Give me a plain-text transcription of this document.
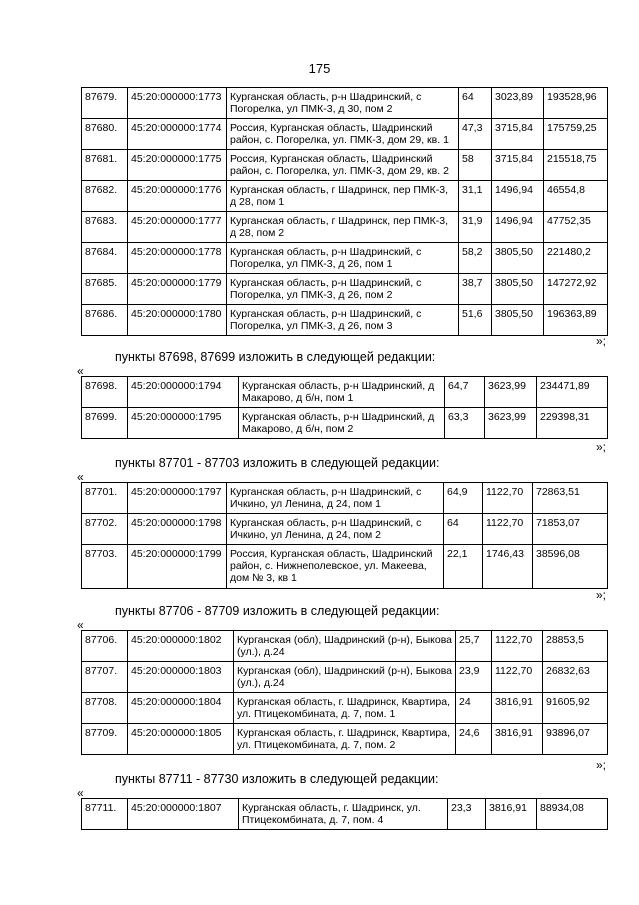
175
87679.	45:20:000000:1773	Курганская область, р-н Шадринский, с Погорелка, ул ПМК-3, д 30, пом 2	64	3023,89	193528,96
87680.	45:20:000000:1774	Россия, Курганская область, Шадринский район, с. Погорелка, ул. ПМК-3, дом 29, кв. 1	47,3	3715,84	175759,25
87681.	45:20:000000:1775	Россия, Курганская область, Шадринский район, с. Погорелка, ул. ПМК-3, дом 29, кв. 2	58	3715,84	215518,75
87682.	45:20:000000:1776	Курганская область, г Шадринск, пер ПМК-3, д 28, пом 1	31,1	1496,94	46554,8
87683.	45:20:000000:1777	Курганская область, г Шадринск, пер ПМК-3, д 28, пом 2	31,9	1496,94	47752,35
87684.	45:20:000000:1778	Курганская область, р-н Шадринский, с Погорелка, ул ПМК-3, д 26, пом 1	58,2	3805,50	221480,2
87685.	45:20:000000:1779	Курганская область, р-н Шадринский, с Погорелка, ул ПМК-3, д 26, пом 2	38,7	3805,50	147272,92
87686.	45:20:000000:1780	Курганская область, р-н Шадринский, с Погорелка, ул ПМК-3, д 26, пом 3	51,6	3805,50	196363,89
»;
пункты 87698, 87699 изложить в следующей редакции:
«
87698.	45:20:000000:1794	Курганская область, р-н Шадринский, д Макарово, д б/н, пом 1	64,7	3623,99	234471,89
87699.	45:20:000000:1795	Курганская область, р-н Шадринский, д Макарово, д б/н, пом 2	63,3	3623,99	229398,31
»;
пункты 87701 - 87703 изложить в следующей редакции:
«
87701.	45:20:000000:1797	Курганская область, р-н Шадринский, с Ичкино, ул Ленина, д 24, пом 1	64,9	1122,70	72863,51
87702.	45:20:000000:1798	Курганская область, р-н Шадринский, с Ичкино, ул Ленина, д 24, пом 2	64	1122,70	71853,07
87703.	45:20:000000:1799	Россия, Курганская область, Шадринский район, с. Нижнеполевское, ул. Макеева, дом № 3, кв 1	22,1	1746,43	38596,08
»;
пункты 87706 - 87709 изложить в следующей редакции:
«
87706.	45:20:000000:1802	Курганская (обл), Шадринский (р-н), Быкова (ул.), д.24	25,7	1122,70	28853,5
87707.	45:20:000000:1803	Курганская (обл), Шадринский (р-н), Быкова (ул.), д.24	23,9	1122,70	26832,63
87708.	45:20:000000:1804	Курганская область, г. Шадринск, Квартира, ул. Птицекомбината, д. 7, пом. 1	24	3816,91	91605,92
87709.	45:20:000000:1805	Курганская область, г. Шадринск, Квартира, ул. Птицекомбината, д. 7, пом. 2	24,6	3816,91	93896,07
»;
пункты 87711 - 87730 изложить в следующей редакции:
«
87711.	45:20:000000:1807	Курганская область, г. Шадринск, ул. Птицекомбината, д. 7, пом. 4	23,3	3816,91	88934,08
